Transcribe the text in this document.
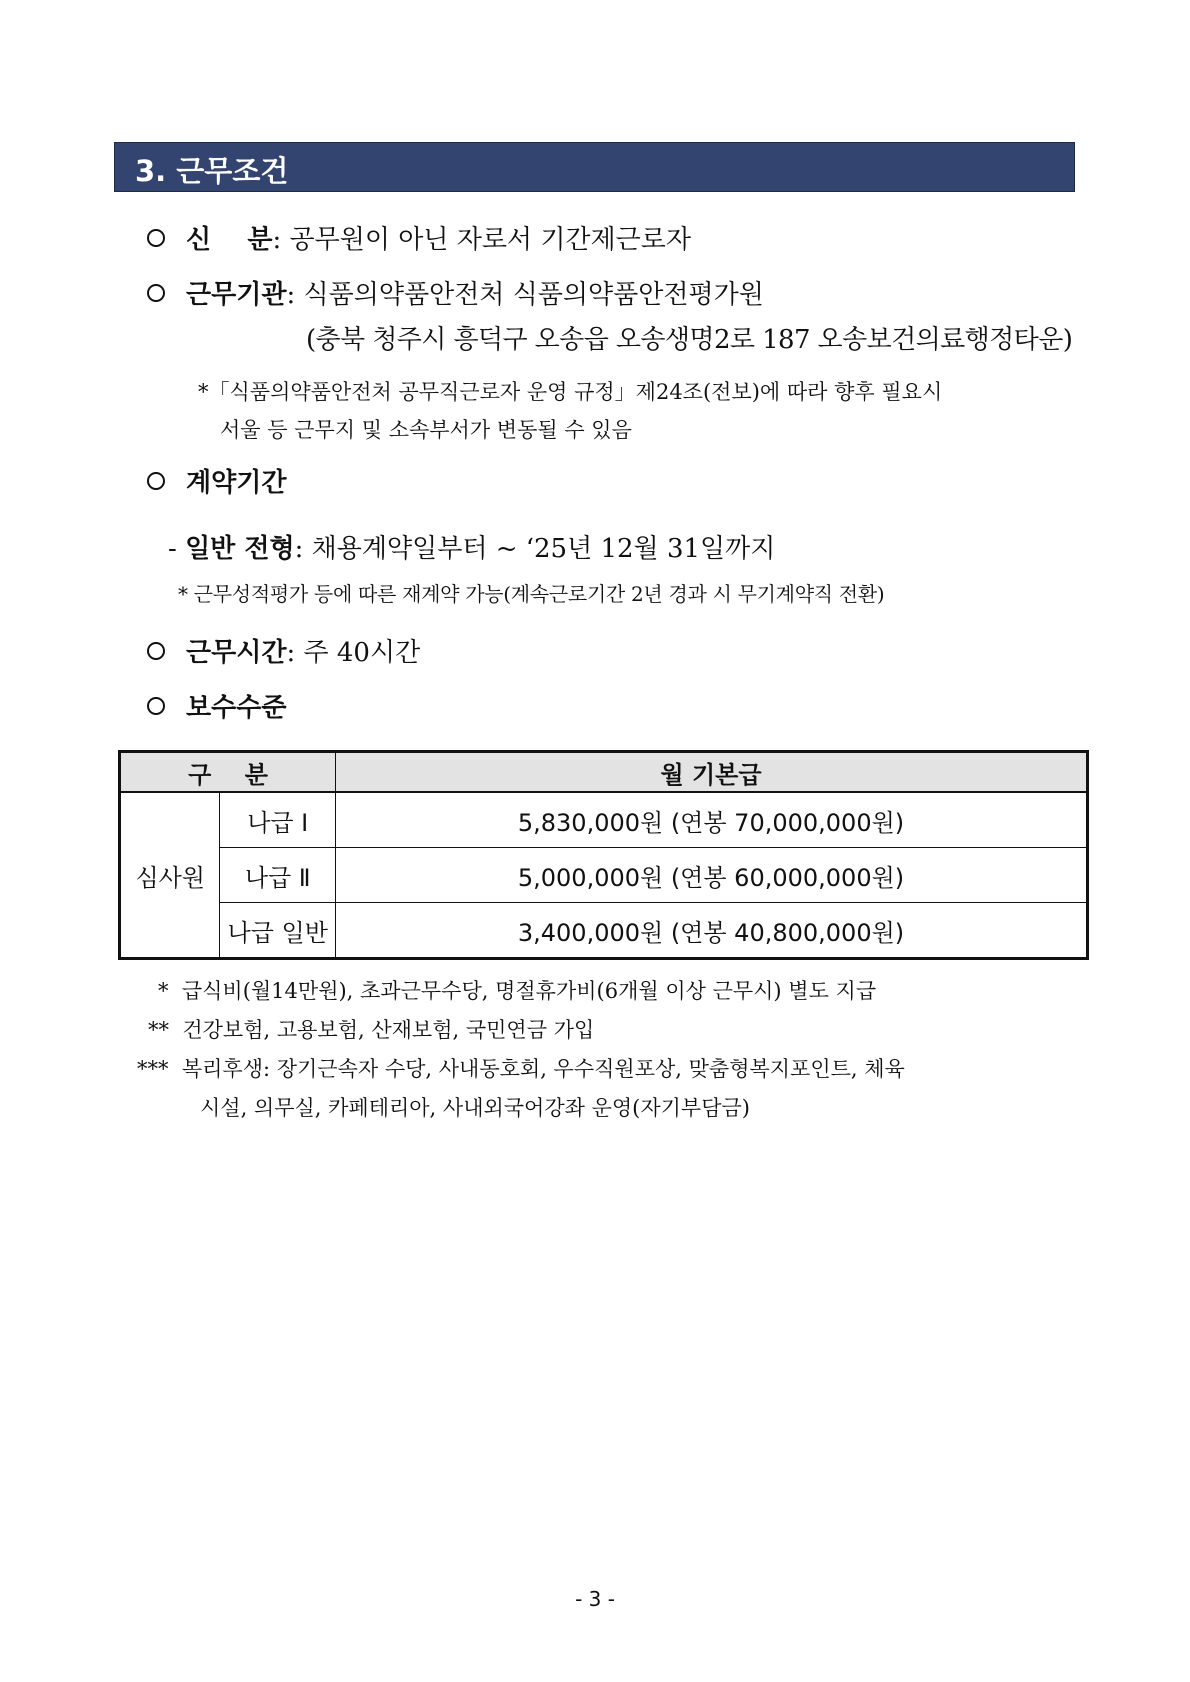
3. 근무조건
신    분: 공무원이 아닌 자로서 기간제근로자
근무기관: 식품의약품안전처 식품의약품안전평가원
(충북 청주시 흥덕구 오송읍 오송생명2로 187 오송보건의료행정타운)
*「식품의약품안전처 공무직근로자 운영 규정」제24조(전보)에 따라 향후 필요시
서울 등 근무지 및 소속부서가 변동될 수 있음
계약기간
- 일반 전형: 채용계약일부터 ~ ‘25년 12월 31일까지
* 근무성적평가 등에 따른 재계약 가능(계속근로기간 2년 경과 시 무기계약직 전환)
근무시간: 주 40시간
보수수준
구    분		월 기본급
심사원	나급 Ⅰ	5,830,000원 (연봉 70,000,000원)
	나급 Ⅱ	5,000,000원 (연봉 60,000,000원)
	나급 일반	3,400,000원 (연봉 40,800,000원)
*  급식비(월14만원), 초과근무수당, 명절휴가비(6개월 이상 근무시) 별도 지급
**  건강보험, 고용보험, 산재보험, 국민연금 가입
***  복리후생: 장기근속자 수당, 사내동호회, 우수직원포상, 맞춤형복지포인트, 체육
시설, 의무실, 카페테리아, 사내외국어강좌 운영(자기부담금)
- 3 -
